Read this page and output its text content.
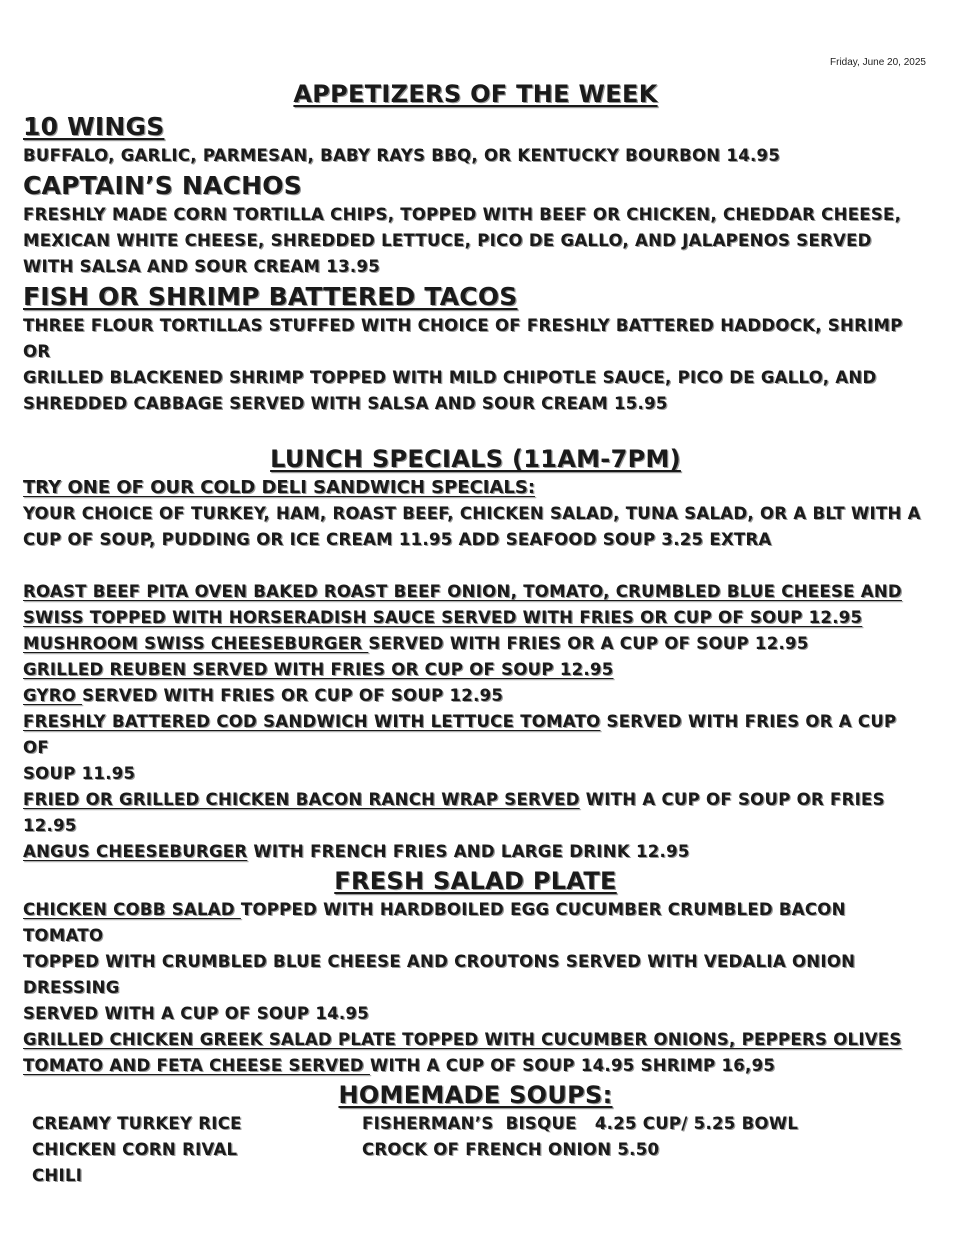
Friday, June 20, 2025
APPETIZERS OF THE WEEK
10 WINGS
BUFFALO, GARLIC, PARMESAN, BABY RAYS BBQ, OR KENTUCKY BOURBON 14.95
CAPTAIN’S NACHOS
FRESHLY MADE CORN TORTILLA CHIPS, TOPPED WITH BEEF OR CHICKEN, CHEDDAR CHEESE,
MEXICAN WHITE CHEESE, SHREDDED LETTUCE, PICO DE GALLO, AND JALAPENOS SERVED
WITH SALSA AND SOUR CREAM 13.95
FISH OR SHRIMP BATTERED TACOS
THREE FLOUR TORTILLAS STUFFED WITH CHOICE OF FRESHLY BATTERED HADDOCK, SHRIMP OR
GRILLED BLACKENED SHRIMP TOPPED WITH MILD CHIPOTLE SAUCE, PICO DE GALLO, AND
SHREDDED CABBAGE SERVED WITH SALSA AND SOUR CREAM 15.95
LUNCH SPECIALS (11AM-7PM)
TRY ONE OF OUR COLD DELI SANDWICH SPECIALS:
YOUR CHOICE OF TURKEY, HAM, ROAST BEEF, CHICKEN SALAD, TUNA SALAD, OR A BLT WITH A
CUP OF SOUP, PUDDING OR ICE CREAM 11.95 ADD SEAFOOD SOUP 3.25 EXTRA
ROAST BEEF PITA OVEN BAKED ROAST BEEF ONION, TOMATO, CRUMBLED BLUE CHEESE AND
SWISS TOPPED WITH HORSERADISH SAUCE SERVED WITH FRIES OR CUP OF SOUP 12.95
MUSHROOM SWISS CHEESEBURGER SERVED WITH FRIES OR A CUP OF SOUP 12.95
GRILLED REUBEN SERVED WITH FRIES OR CUP OF SOUP 12.95
GYRO SERVED WITH FRIES OR CUP OF SOUP 12.95
FRESHLY BATTERED COD SANDWICH WITH LETTUCE TOMATO SERVED WITH FRIES OR A CUP OF
SOUP 11.95
FRIED OR GRILLED CHICKEN BACON RANCH WRAP SERVED WITH A CUP OF SOUP OR FRIES 12.95
ANGUS CHEESEBURGER WITH FRENCH FRIES AND LARGE DRINK 12.95
FRESH SALAD PLATE
CHICKEN COBB SALAD TOPPED WITH HARDBOILED EGG CUCUMBER CRUMBLED BACON TOMATO
TOPPED WITH CRUMBLED BLUE CHEESE AND CROUTONS SERVED WITH VEDALIA ONION DRESSING
SERVED WITH A CUP OF SOUP 14.95
GRILLED CHICKEN GREEK SALAD PLATE TOPPED WITH CUCUMBER ONIONS, PEPPERS OLIVES
TOMATO AND FETA CHEESE SERVED WITH A CUP OF SOUP 14.95 SHRIMP 16,95
HOMEMADE SOUPS:
CREAMY TURKEY RICE
CHICKEN CORN RIVAL
CHILI
FISHERMAN’S  BISQUE   4.25 CUP/ 5.25 BOWL
CROCK OF FRENCH ONION 5.50
